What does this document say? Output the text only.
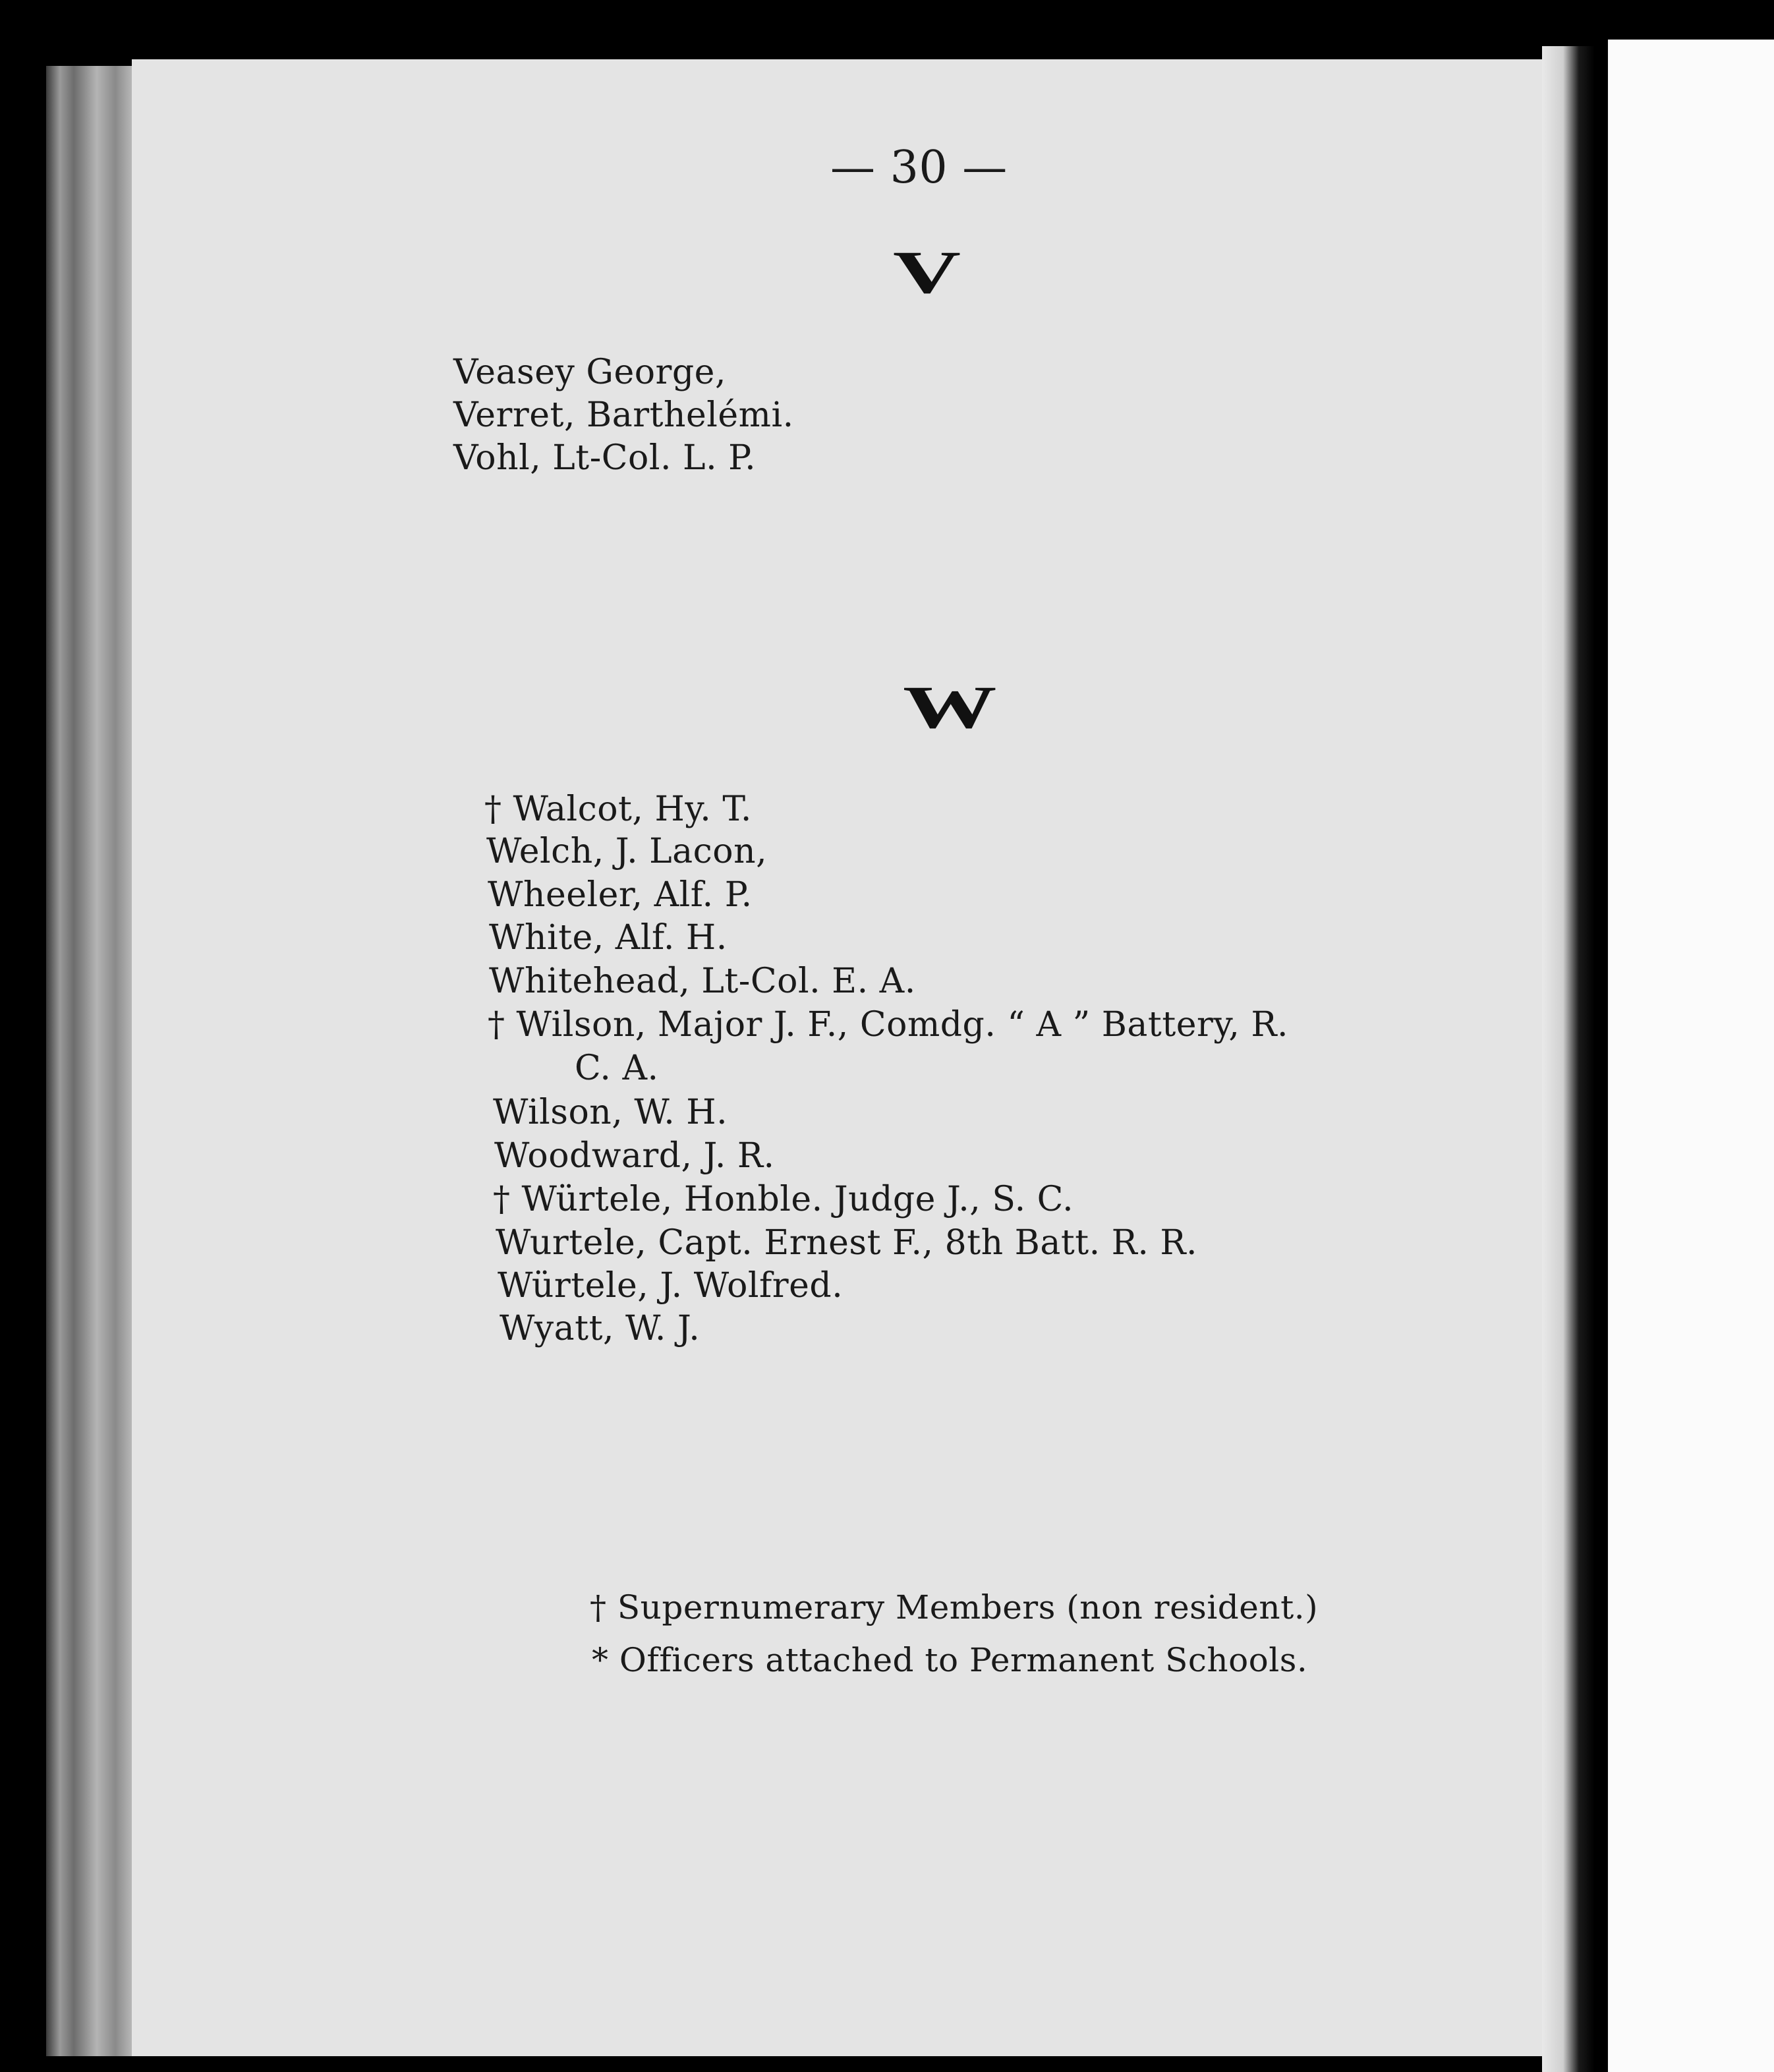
— 30 —
V
Veasey George,
Verret, Barthelémi.
Vohl, Lt-Col. L. P.
W
† Walcot, Hy. T.
Welch, J. Lacon,
Wheeler, Alf. P.
White, Alf. H.
Whitehead, Lt-Col. E. A.
† Wilson, Major J. F., Comdg. “ A ” Battery, R.
C. A.
Wilson, W. H.
Woodward, J. R.
† Würtele, Honble. Judge J., S. C.
Wurtele, Capt. Ernest F., 8th Batt. R. R.
Würtele, J. Wolfred.
Wyatt, W. J.
† Supernumerary Members (non resident.)
* Officers attached to Permanent Schools.
